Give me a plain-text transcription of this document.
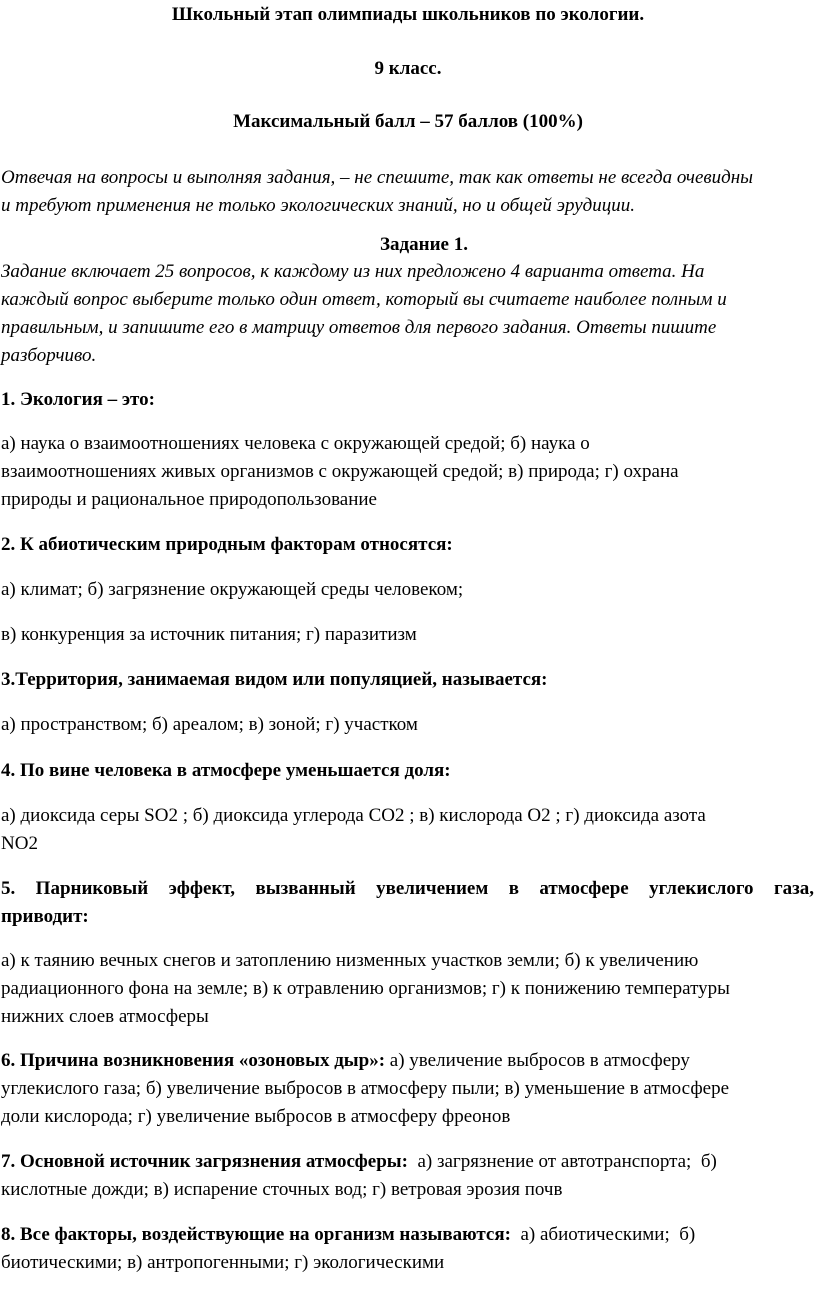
Школьный этап олимпиады школьников по экологии.
9 класс.
Максимальный балл – 57 баллов (100%)
Отвечая на вопросы и выполняя задания, – не спешите, так как ответы не всегда очевидны
и требуют применения не только экологических знаний, но и общей эрудиции.
Задание 1.
Задание включает 25 вопросов, к каждому из них предложено 4 варианта ответа. На
каждый вопрос выберите только один ответ, который вы считаете наиболее полным и
правильным, и запишите его в матрицу ответов для первого задания. Ответы пишите
разборчиво.
1. Экология – это:
а) наука о взаимоотношениях человека с окружающей средой; б) наука о
взаимоотношениях живых организмов с окружающей средой; в) природа; г) охрана
природы и рациональное природопользование
2. К абиотическим природным факторам относятся:
а) климат; б) загрязнение окружающей среды человеком;
в) конкуренция за источник питания; г) паразитизм
3.Территория, занимаемая видом или популяцией, называется:
а) пространством; б) ареалом; в) зоной; г) участком
4. По вине человека в атмосфере уменьшается доля:
а) диоксида серы SO2 ; б) диоксида углерода CO2 ; в) кислорода O2 ; г) диоксида азота
NO2
5. Парниковый эффект, вызванный увеличением в атмосфере углекислого газа,
приводит:
а) к таянию вечных снегов и затоплению низменных участков земли; б) к увеличению
радиационного фона на земле; в) к отравлению организмов; г) к понижению температуры
нижних слоев атмосферы
6. Причина возникновения «озоновых дыр»: а) увеличение выбросов в атмосферу
углекислого газа; б) увеличение выбросов в атмосферу пыли; в) уменьшение в атмосфере
доли кислорода; г) увеличение выбросов в атмосферу фреонов
7. Основной источник загрязнения атмосферы:  а) загрязнение от автотранспорта;  б)
кислотные дожди; в) испарение сточных вод; г) ветровая эрозия почв
8. Все факторы, воздействующие на организм называются:  а) абиотическими;  б)
биотическими; в) антропогенными; г) экологическими
